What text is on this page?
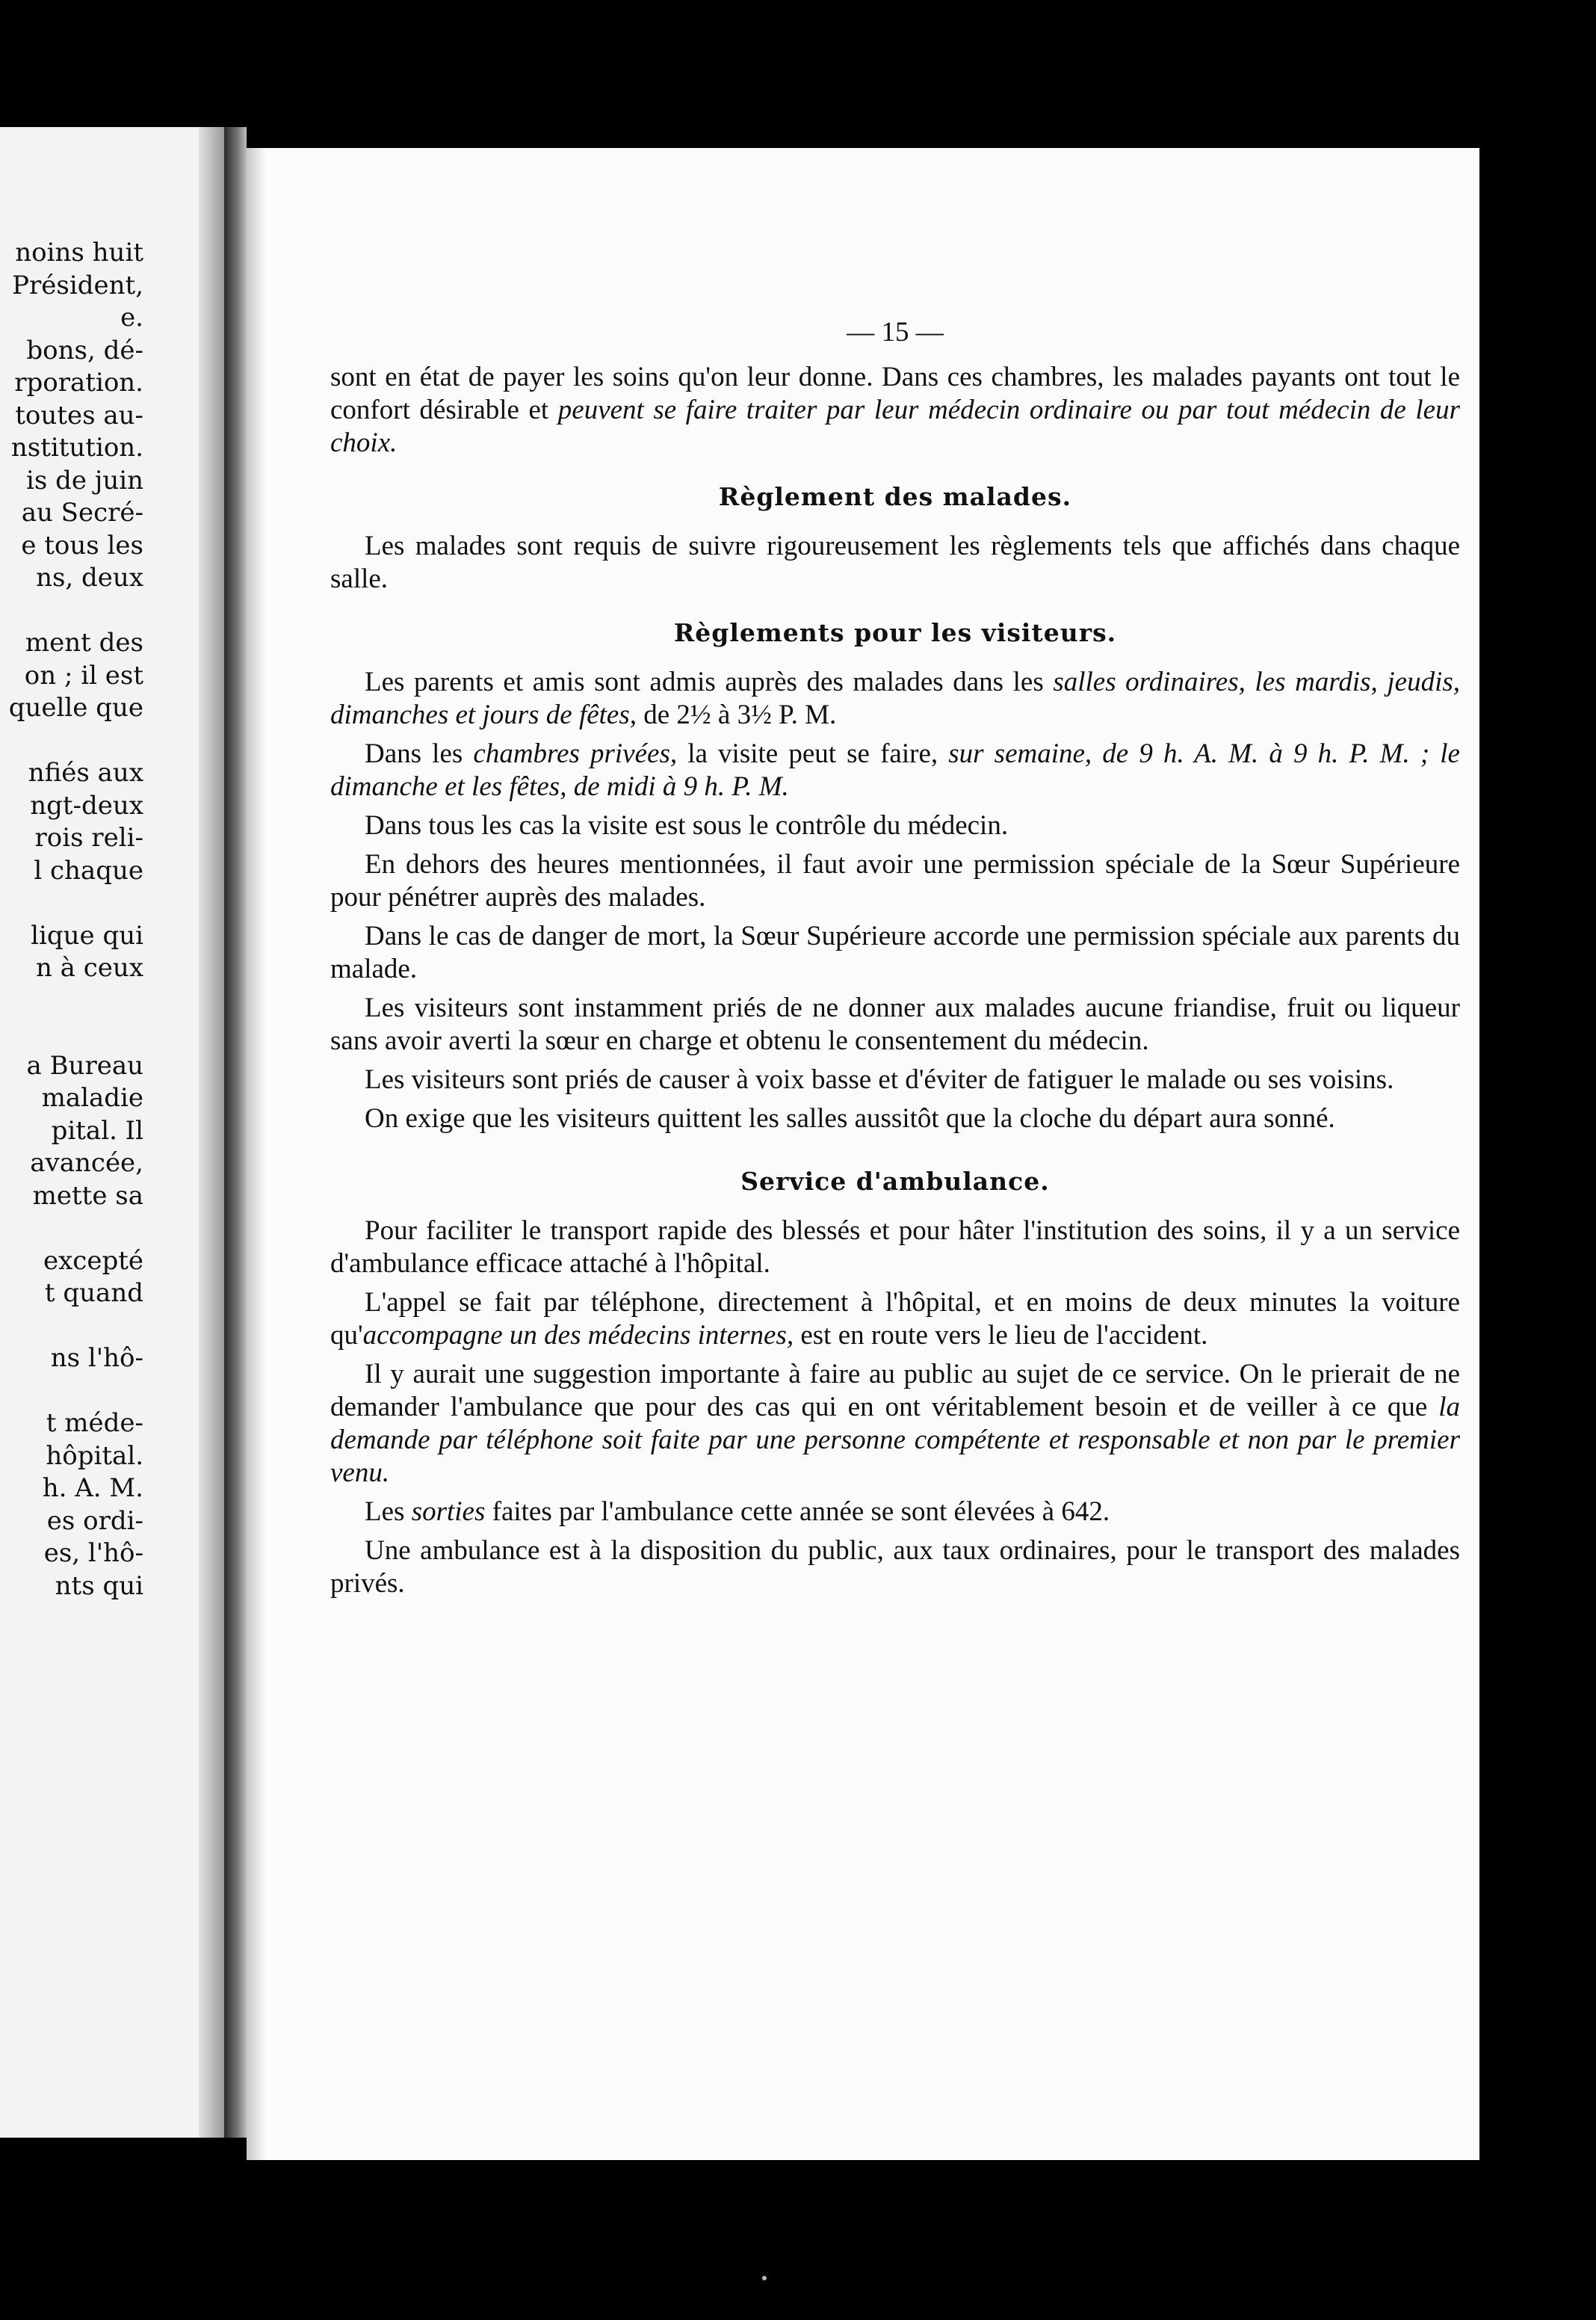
noins huit
Président,
e.
bons, dé-
rporation.
toutes au-
nstitution.
is de juin
au Secré-
e tous les
ns, deux
ment des
on ; il est
quelle que
nfiés aux
ngt-deux
rois reli-
l chaque
lique qui
n à ceux
a Bureau
maladie
pital. Il
avancée,
mette sa
excepté
t quand
ns l'hô-
t méde-
hôpital.
h. A. M.
es ordi-
es, l'hô-
nts qui
— 15 —

sont en état de payer les soins qu'on leur donne. Dans ces chambres, les malades payants ont tout le confort désirable et peuvent se faire traiter par leur médecin ordinaire ou par tout médecin de leur choix.

Règlement des malades.

Les malades sont requis de suivre rigoureusement les règlements tels que affichés dans chaque salle.

Règlements pour les visiteurs.

Les parents et amis sont admis auprès des malades dans les salles ordinaires, les mardis, jeudis, dimanches et jours de fêtes, de 2½ à 3½ P. M.

Dans les chambres privées, la visite peut se faire, sur semaine, de 9 h. A. M. à 9 h. P. M. ; le dimanche et les fêtes, de midi à 9 h. P. M.

Dans tous les cas la visite est sous le contrôle du médecin.

En dehors des heures mentionnées, il faut avoir une permission spéciale de la Sœur Supérieure pour pénétrer auprès des malades.

Dans le cas de danger de mort, la Sœur Supérieure accorde une permission spéciale aux parents du malade.

Les visiteurs sont instamment priés de ne donner aux malades aucune friandise, fruit ou liqueur sans avoir averti la sœur en charge et obtenu le consentement du médecin.

Les visiteurs sont priés de causer à voix basse et d'éviter de fatiguer le malade ou ses voisins.

On exige que les visiteurs quittent les salles aussitôt que la cloche du départ aura sonné.

Service d'ambulance.

Pour faciliter le transport rapide des blessés et pour hâter l'institution des soins, il y a un service d'ambulance efficace attaché à l'hôpital.

L'appel se fait par téléphone, directement à l'hôpital, et en moins de deux minutes la voiture qu'accompagne un des médecins internes, est en route vers le lieu de l'accident.

Il y aurait une suggestion importante à faire au public au sujet de ce service. On le prierait de ne demander l'ambulance que pour des cas qui en ont véritablement besoin et de veiller à ce que la demande par téléphone soit faite par une personne compétente et responsable et non par le premier venu.

Les sorties faites par l'ambulance cette année se sont élevées à 642.

Une ambulance est à la disposition du public, aux taux ordinaires, pour le transport des malades privés.
